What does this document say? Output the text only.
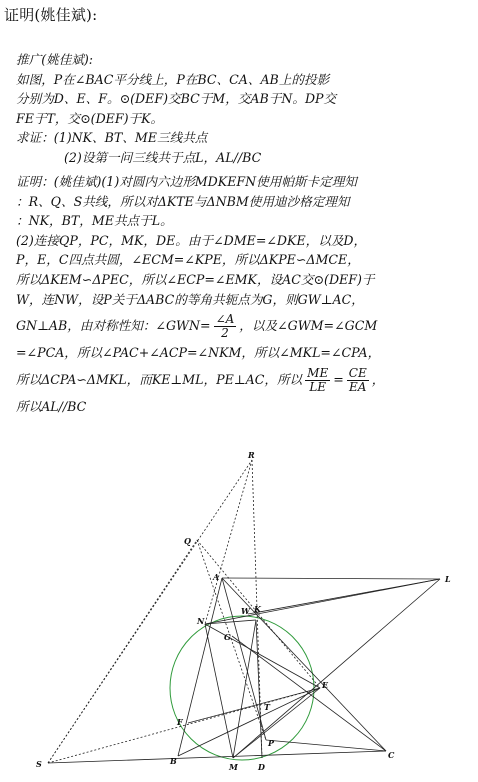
证明(姚佳斌):
推广(姚佳斌):
如图，P在∠BAC平分线上，P在BC、CA、AB上的投影
分别为D、E、F。⊙(DEF)交BC于M，交AB于N。DP交
FE于T，交⊙(DEF)于K。
求证：(1)NK、BT、ME三线共点
(2)设第一问三线共于点L，AL//BC
证明：(姚佳斌)(1)对圆内六边形MDKEFN使用帕斯卡定理知
：R、Q、S共线，所以对ΔKTE与ΔNBM使用迪沙格定理知
：NK，BT，ME共点于L。
(2)连接QP，PC，MK，DE。由于∠DME=∠DKE，以及D，
P，E，C四点共圆，∠ECM=∠KPE，所以ΔKPE∽ΔMCE，
所以ΔKEM∽ΔPEC，所以∠ECP=∠EMK，设AC交⊙(DEF)于
W，连NW，设P关于ΔABC的等角共轭点为G，则GW⊥AC，
GN⊥AB，由对称性知：∠GWN= $\frac{\angle A}{2}$ ，以及∠GWM=∠GCM
=∠PCA，所以∠PAC+∠ACP=∠NKM，所以∠MKL=∠CPA，
所以ΔCPA∽ΔMKL，而KE⊥ML，PE⊥AC，所以 $\frac{ME}{LE} = \frac{CE}{EA}$ ，
所以AL//BC
R
Q
A	L
N
W K
G
E
F
T
P
B
M	D
C
S
